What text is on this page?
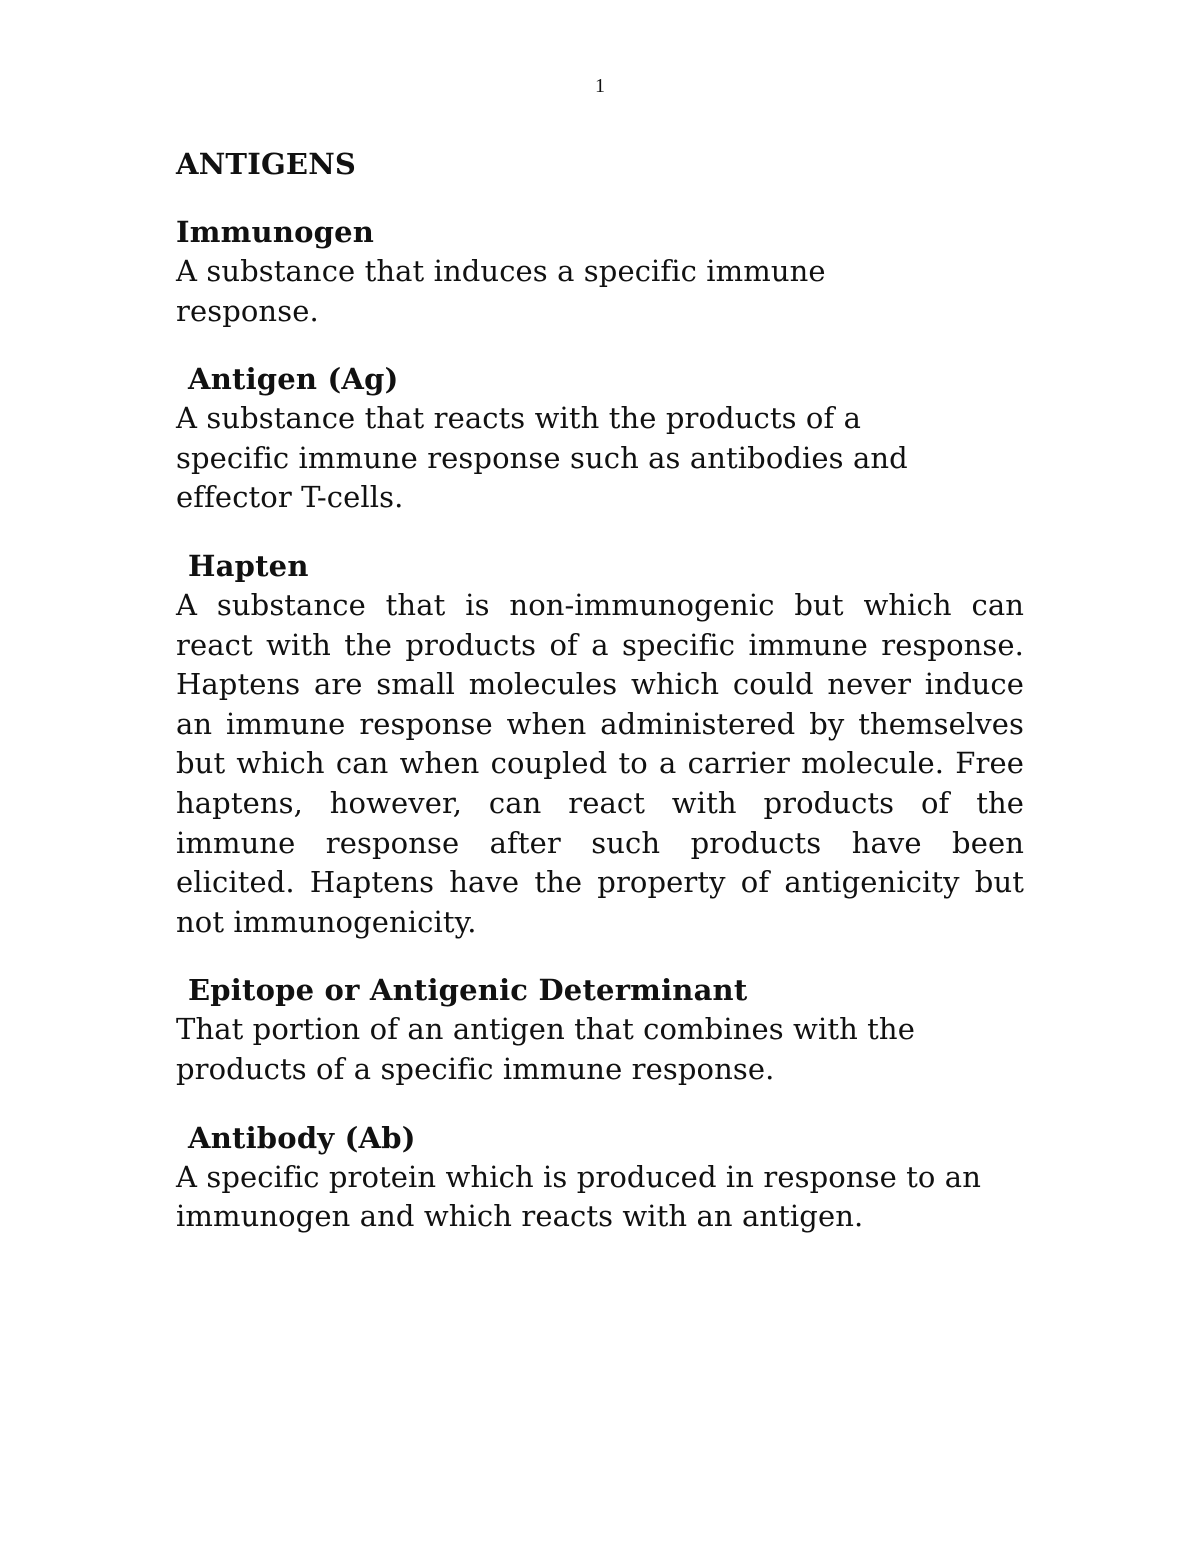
1
ANTIGENS
Immunogen

A substance that induces a specific immune response.

Antigen (Ag)

A substance that reacts with the products of a specific immune response such as antibodies and effector T-cells.

Hapten

A substance that is non-immunogenic but which can react with the products of a specific immune response. Haptens are small molecules which could never induce an immune response when administered by themselves but which can when coupled to a carrier molecule. Free haptens, however, can react with products of the immune response after such products have been elicited. Haptens have the property of antigenicity but not immunogenicity.

Epitope or Antigenic Determinant

That portion of an antigen that combines with the products of a specific immune response.

Antibody (Ab)

A specific protein which is produced in response to an immunogen and which reacts with an antigen.
